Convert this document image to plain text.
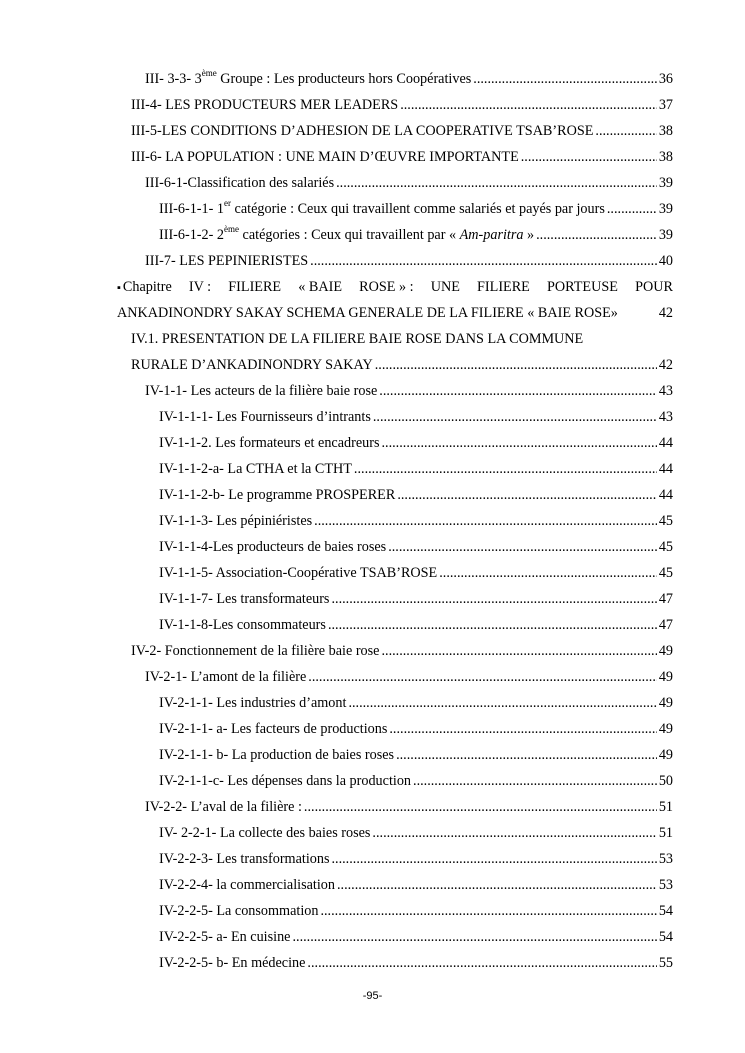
III- 3-3- 3ème Groupe : Les producteurs hors Coopératives .....	36
III-4- LES PRODUCTEURS MER LEADERS .....	37
III-5-LES CONDITIONS D’ADHESION DE LA COOPERATIVE TSAB’ROSE .....	38
III-6- LA POPULATION : UNE MAIN D’ŒUVRE IMPORTANTE .....	38
III-6-1-Classification des salariés .....	39
III-6-1-1- 1er catégorie : Ceux qui travaillent comme salariés et payés par jours .....	39
III-6-1-2- 2ème catégories : Ceux qui travaillent par « Am-paritra » .....	39
III-7- LES PEPINIERISTES .....	40
▪ Chapitre IV : FILIERE « BAIE ROSE » : UNE FILIERE PORTEUSE POUR
ANKADINONDRY SAKAY SCHEMA GENERALE DE LA FILIERE « BAIE ROSE»	42
IV.1. PRESENTATION DE LA FILIERE BAIE ROSE DANS LA COMMUNE
RURALE D’ANKADINONDRY SAKAY .....	42
IV-1-1- Les acteurs de la filière baie rose .....	43
IV-1-1-1- Les Fournisseurs d’intrants .....	43
IV-1-1-2. Les formateurs et encadreurs .....	44
IV-1-1-2-a- La CTHA et la CTHT .....	44
IV-1-1-2-b- Le programme PROSPERER .....	44
IV-1-1-3- Les pépiniéristes .....	45
IV-1-1-4-Les producteurs de baies roses .....	45
IV-1-1-5- Association-Coopérative TSAB’ROSE .....	45
IV-1-1-7- Les transformateurs .....	47
IV-1-1-8-Les consommateurs .....	47
IV-2- Fonctionnement de la filière baie rose .....	49
IV-2-1- L’amont de la filière .....	49
IV-2-1-1- Les industries d’amont .....	49
IV-2-1-1- a- Les facteurs de productions .....	49
IV-2-1-1- b- La production de baies roses .....	49
IV-2-1-1-c- Les dépenses dans la production .....	50
IV-2-2- L’aval de la filière : .....	51
IV- 2-2-1- La collecte des baies roses .....	51
IV-2-2-3- Les transformations .....	53
IV-2-2-4- la commercialisation .....	53
IV-2-2-5- La consommation .....	54
IV-2-2-5- a- En cuisine .....	54
IV-2-2-5- b- En médecine .....	55
-95-
